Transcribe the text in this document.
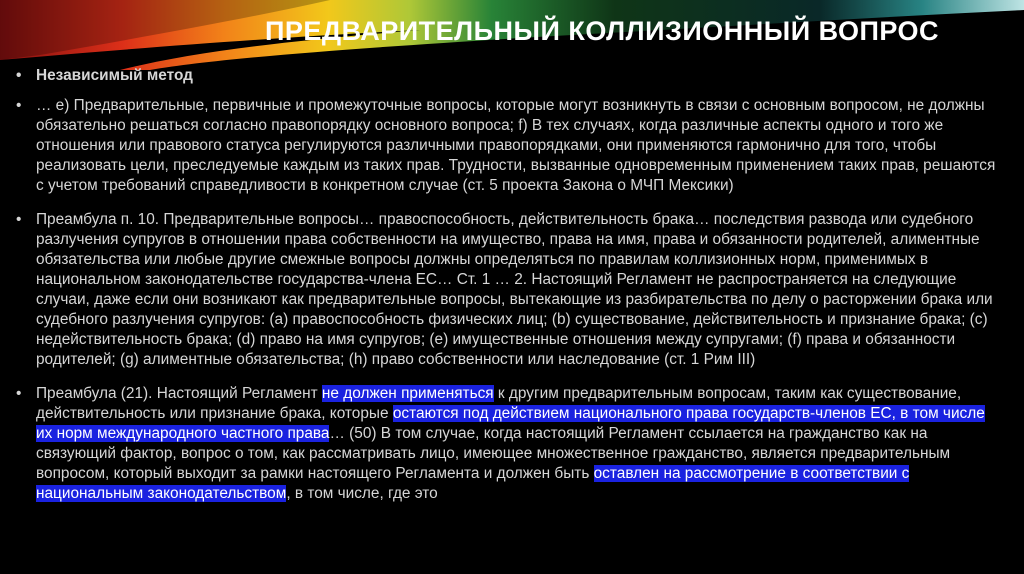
ПРЕДВАРИТЕЛЬНЫЙ КОЛЛИЗИОННЫЙ ВОПРОС
• Независимый метод
• … e) Предварительные, первичные и промежуточные вопросы, которые могут возникнуть в связи с основным вопросом, не должны обязательно решаться согласно правопорядку основного вопроса; f) В тех случаях, когда различные аспекты одного и того же отношения или правового статуса регулируются различными правопорядками, они применяются гармонично для того, чтобы реализовать цели, преследуемые каждым из таких прав. Трудности, вызванные одновременным применением таких прав, решаются с учетом требований справедливости в конкретном случае (ст. 5 проекта Закона о МЧП Мексики)
• Преамбула п. 10. Предварительные вопросы… правоспособность, действительность брака… последствия развода или судебного разлучения супругов в отношении права собственности на имущество, права на имя, права и обязанности родителей, алиментные обязательства или любые другие смежные вопросы должны определяться по правилам коллизионных норм, применимых в национальном законодательстве государства-члена ЕС… Ст. 1 … 2. Настоящий Регламент не распространяется на следующие случаи, даже если они возникают как предварительные вопросы, вытекающие из разбирательства по делу о расторжении брака или судебного разлучения супругов: (a) правоспособность физических лиц; (b) существование, действительность и признание брака; (c) недействительность брака; (d) право на имя супругов; (e) имущественные отношения между супругами; (f) права и обязанности родителей; (g) алиментные обязательства; (h) право собственности или наследование (ст. 1 Рим III)
• Преамбула (21). Настоящий Регламент не должен применяться к другим предварительным вопросам, таким как существование, действительность или признание брака, которые остаются под действием национального права государств-членов ЕС, в том числе их норм международного частного права… (50) В том случае, когда настоящий Регламент ссылается на гражданство как на связующий фактор, вопрос о том, как рассматривать лицо, имеющее множественное гражданство, является предварительным вопросом, который выходит за рамки настоящего Регламента и должен быть оставлен на рассмотрение в соответствии с национальным законодательством, в том числе, где это
